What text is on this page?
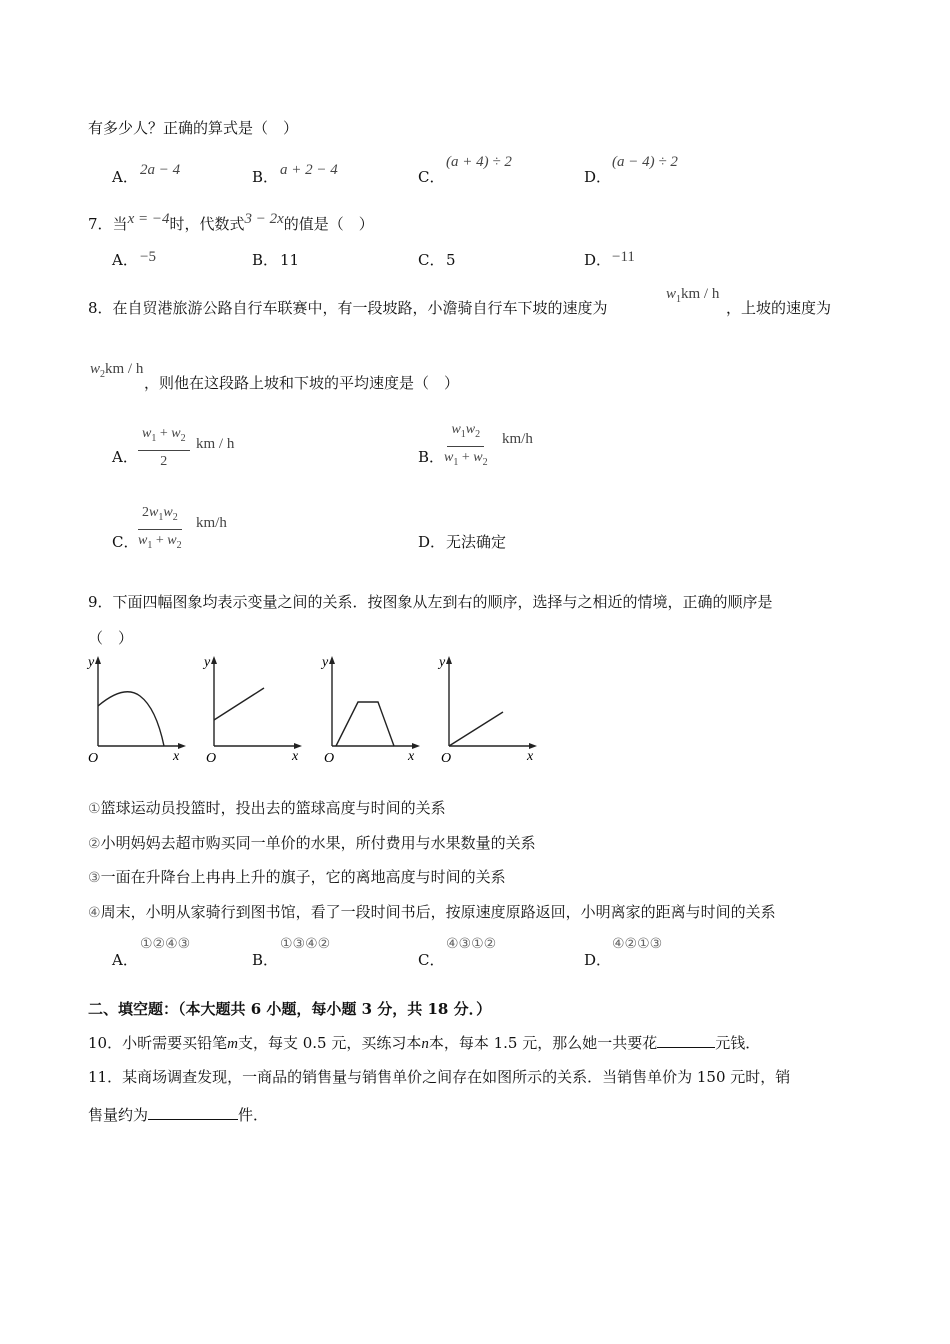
有多少人？正确的算式是（　）
A． 2a − 4	B． a + 2 − 4	C．
(a + 4) ÷ 2
D．
(a − 4) ÷ 2
7．当x = −4时，代数式3 − 2x的值是（　）
A． −5	B． 11	C． 5	D． −11
8．在自贸港旅游公路自行车联赛中，有一段坡路，小澹骑自行车下坡的速度为
$w_1km$ / h
，上坡的速度为
$w_2km$ / h
，则他在这段路上坡和下坡的平均速度是（　）
A． $\frac{w_1 + w_2}{2}$ km / h
B． $\frac{w_1w_2}{w_1 + w_2} km/h$
C． $\frac{2w_1w_2}{w_1 + w_2} km/h$
D． 无法确定
9．下面四幅图象均表示变量之间的关系．按图象从左到右的顺序，选择与之相近的情境，正确的顺序是
（　）
y
x
O
y
x
O
y
x
O
y
x
O
①篮球运动员投篮时，投出去的篮球高度与时间的关系
②小明妈妈去超市购买同一单价的水果，所付费用与水果数量的关系
③一面在升降台上冉冉上升的旗子，它的离地高度与时间的关系
④周末，小明从家骑行到图书馆，看了一段时间书后，按原速度原路返回，小明离家的距离与时间的关系
A．
①②④③
B．
①③④②
C．
④③①②
D．
④②①③
二、填空题：（本大题共 6 小题，每小题 3 分，共 18 分．）
10．小昕需要买铅笔m支，每支 0.5 元，买练习本n本，每本 1.5 元，那么她一共要花	元钱．
11．某商场调查发现，一商品的销售量与销售单价之间存在如图所示的关系．当销售单价为 150 元时，销
售量约为	件．
